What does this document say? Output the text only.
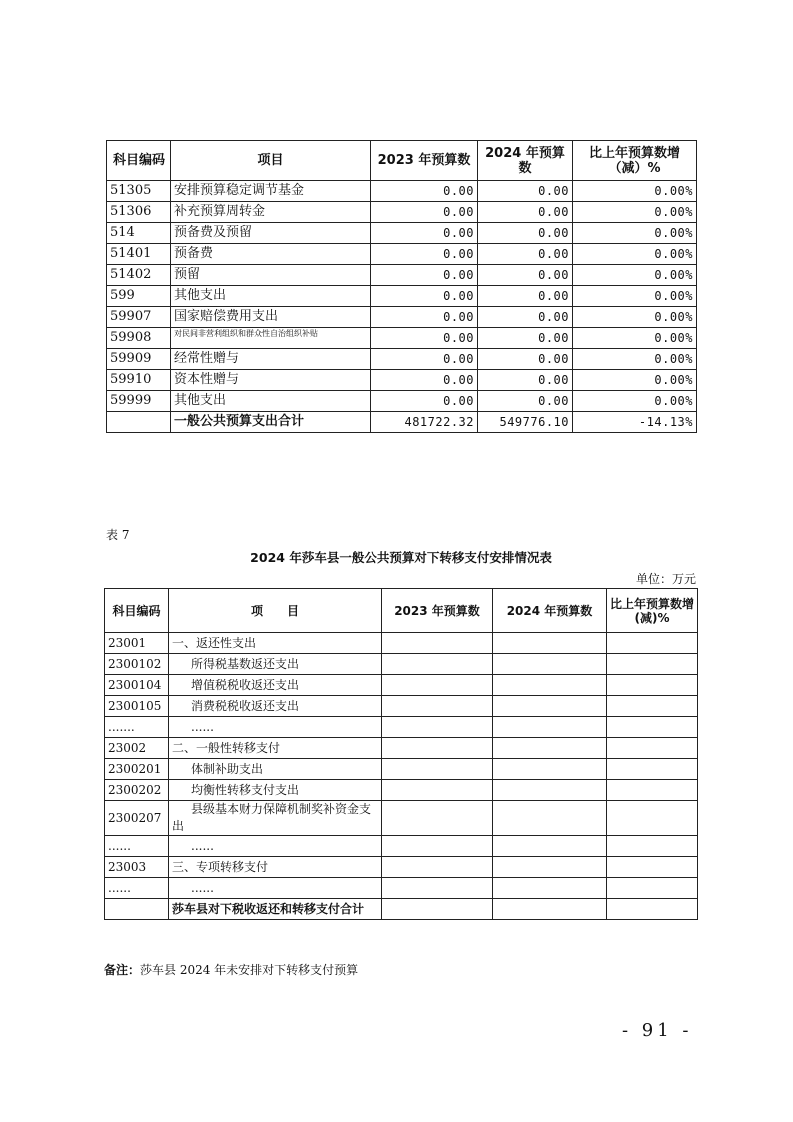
科目编码	项目	2023 年预算数	2024 年预算数	比上年预算数增（减）%
51305	安排预算稳定调节基金	0.00	0.00	0.00%
51306	补充预算周转金	0.00	0.00	0.00%
514	预备费及预留	0.00	0.00	0.00%
51401	预备费	0.00	0.00	0.00%
51402	预留	0.00	0.00	0.00%
599	其他支出	0.00	0.00	0.00%
59907	国家赔偿费用支出	0.00	0.00	0.00%
59908	对民间非营利组织和群众性自治组织补贴	0.00	0.00	0.00%
59909	经常性赠与	0.00	0.00	0.00%
59910	资本性赠与	0.00	0.00	0.00%
59999	其他支出	0.00	0.00	0.00%
	一般公共预算支出合计	481722.32	549776.10	-14.13%
表 7
2024 年莎车县一般公共预算对下转移支付安排情况表
单位：万元
科目编码	项　　目	2023 年预算数	2024 年预算数	比上年预算数增 (减)%
23001	一、返还性支出			
2300102	所得税基数返还支出			
2300104	增值税税收返还支出			
2300105	消费税税收返还支出			
.......	......			
23002	二、一般性转移支付			
2300201	体制补助支出			
2300202	均衡性转移支付支出			
2300207	县级基本财力保障机制奖补资金支出			
......	......			
23003	三、专项转移支付			
......	......			
	莎车县对下税收返还和转移支付合计			
备注：莎车县 2024 年未安排对下转移支付预算
- 91 -
